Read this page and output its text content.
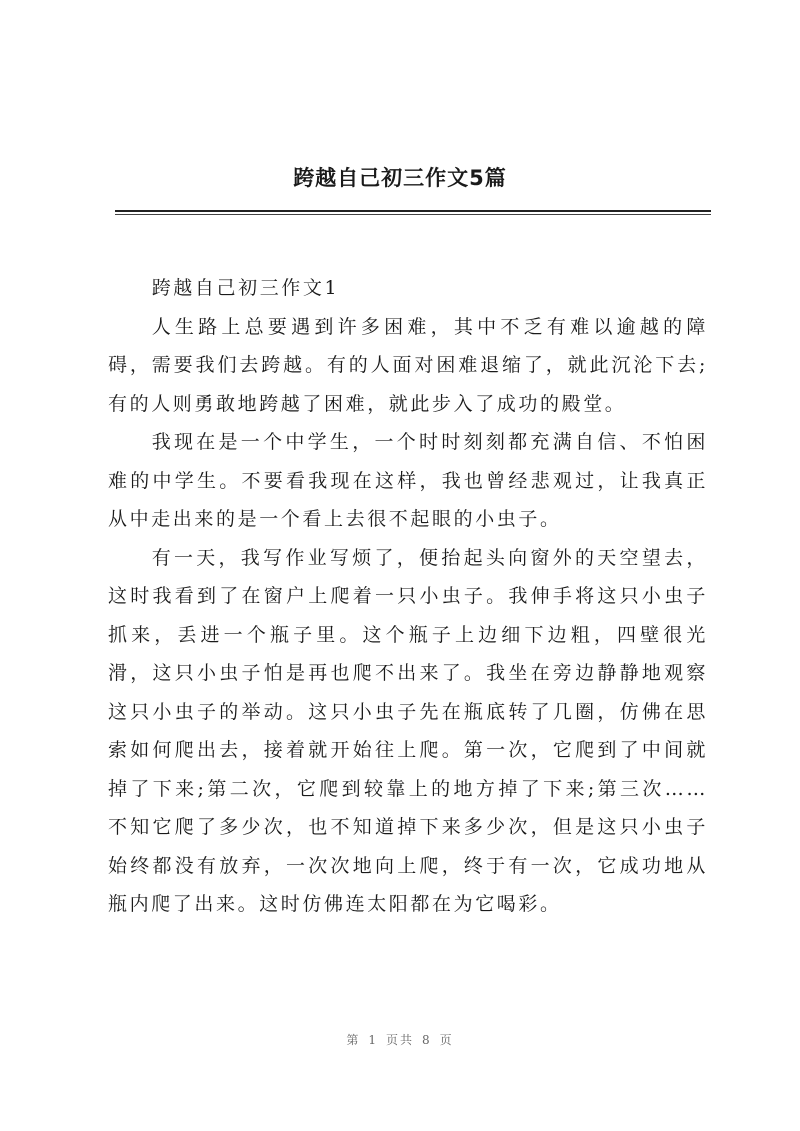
跨越自己初三作文5篇

跨越自己初三作文1

人生路上总要遇到许多困难，其中不乏有难以逾越的障碍，需要我们去跨越。有的人面对困难退缩了，就此沉沦下去;有的人则勇敢地跨越了困难，就此步入了成功的殿堂。

我现在是一个中学生，一个时时刻刻都充满自信、不怕困难的中学生。不要看我现在这样，我也曾经悲观过，让我真正从中走出来的是一个看上去很不起眼的小虫子。

有一天，我写作业写烦了，便抬起头向窗外的天空望去，这时我看到了在窗户上爬着一只小虫子。我伸手将这只小虫子抓来，丢进一个瓶子里。这个瓶子上边细下边粗，四壁很光滑，这只小虫子怕是再也爬不出来了。我坐在旁边静静地观察这只小虫子的举动。这只小虫子先在瓶底转了几圈，仿佛在思索如何爬出去，接着就开始往上爬。第一次，它爬到了中间就掉了下来;第二次，它爬到较靠上的地方掉了下来;第三次……不知它爬了多少次，也不知道掉下来多少次，但是这只小虫子始终都没有放弃，一次次地向上爬，终于有一次，它成功地从瓶内爬了出来。这时仿佛连太阳都在为它喝彩。

第 1 页共 8 页
